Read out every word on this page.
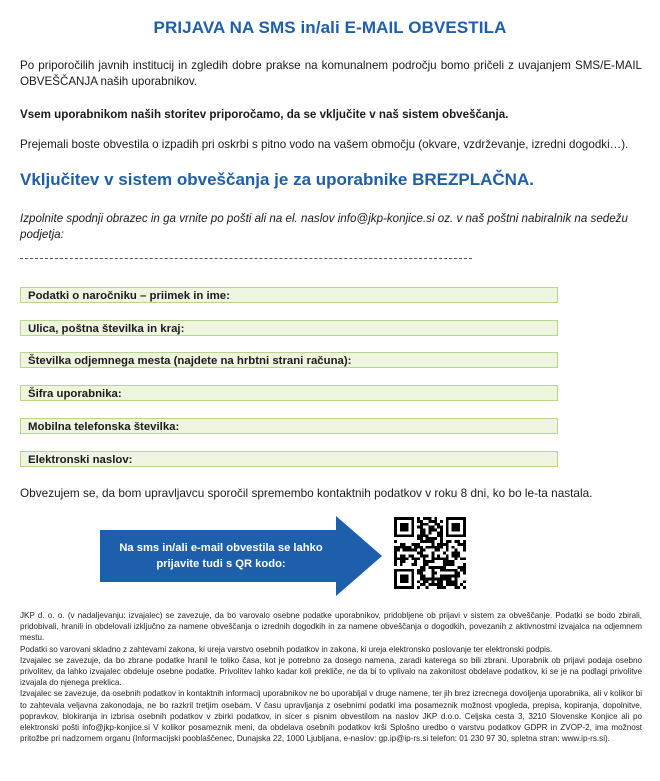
PRIJAVA NA SMS in/ali E-MAIL OBVESTILA
Po priporočilih javnih institucij in zgledih dobre prakse na komunalnem področju bomo pričeli z uvajanjem SMS/E-MAIL OBVEŠČANJA naših uporabnikov.
Vsem uporabnikom naših storitev priporočamo, da se vključite v naš sistem obveščanja.
Prejemali boste obvestila o izpadih pri oskrbi s pitno vodo na vašem območju (okvare, vzdrževanje, izredni dogodki…).
Vključitev v sistem obveščanja je za uporabnike BREZPLAČNA.
Izpolnite spodnji obrazec in ga vrnite po pošti ali na el. naslov info@jkp-konjice.si oz. v naš poštni nabiralnik na sedežu podjetja:
Podatki o naročniku – priimek in ime:
Ulica, poštna številka in kraj:
Številka odjemnega mesta (najdete na hrbtni strani računa):
Šifra uporabnika:
Mobilna telefonska številka:
Elektronski naslov:
Obvezujem se, da bom upravljavcu sporočil spremembo kontaktnih podatkov v roku 8 dni, ko bo le-ta nastala.
Na sms in/ali e-mail obvestila se lahko
prijavite tudi s QR kodo:
JKP d. o. o. (v nadaljevanju: izvajalec) se zavezuje, da bo varovalo osebne podatke uporabnikov, pridobljene ob prijavi v sistem za obveščanje. Podatki se bodo zbirali, pridobivali, hranili in obdelovali izključno za namene obveščanja o izrednih dogodkih in za namene obveščanja o dogodkih, povezanih z aktivnostmi izvajalca na odjemnem mestu.
Podatki so varovani skladno z zahtevami zakona, ki ureja varstvo osebnih podatkov in zakona, ki ureja elektronsko poslovanje ter elektronski podpis.
Izvajalec se zavezuje, da bo zbrane podatke hranil le toliko časa, kot je potrebno za dosego namena, zaradi katerega so bili zbrani. Uporabnik ob prijavi podaja osebno privolitev, da lahko izvajalec obdeluje osebne podatke. Privolitev lahko kadar koli prekliče, ne da bi to vplivalo na zakonitost obdelave podatkov, ki se je na podlagi privolitve izvajala do njenega preklica.
Izvajalec se zavezuje, da osebnih podatkov in kontaktnih informacij uporabnikov ne bo uporabljal v druge namene, ter jih brez izrecnega dovoljenja uporabnika, ali v kolikor bi to zahtevala veljavna zakonodaja, ne bo razkril tretjim osebam. V času upravljanja z osebnimi podatki ima posameznik možnost vpogleda, prepisa, kopiranja, dopolnitve, popravkov, blokiranja in izbrisa osebnih podatkov v zbirki podatkov, in sicer s pisnim obvestilom na naslov JKP d.o.o. Celjska cesta 3, 3210 Slovenske Konjice ali po elektronski pošti info@jkp-konjice.si V kolikor posameznik meni, da obdelava osebnih podatkov krši Splošno uredbo o varstvu podatkov GDPR in ZVOP-2, ima možnost pritožbe pri nadzornem organu (Informacijski pooblaščenec, Dunajska 22, 1000 Ljubljana, e-naslov: gp.ip@ip-rs.si telefon: 01 230 97 30, spletna stran: www.ip-rs.si).
